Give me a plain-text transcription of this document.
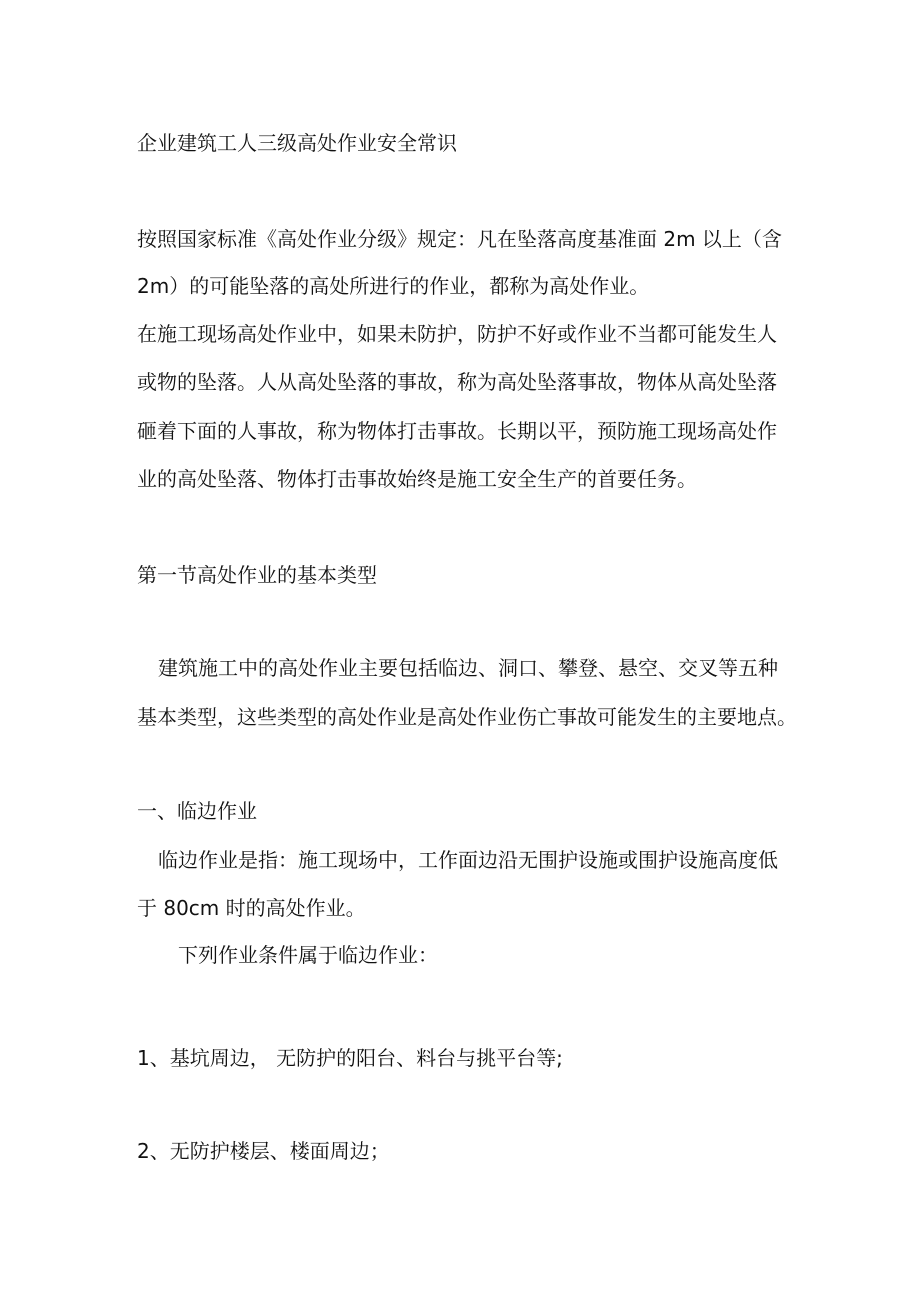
企业建筑工人三级高处作业安全常识
按照国家标准《高处作业分级》规定：凡在坠落高度基准面 2m 以上（含
2m）的可能坠落的高处所进行的作业，都称为高处作业。
在施工现场高处作业中，如果未防护，防护不好或作业不当都可能发生人
或物的坠落。人从高处坠落的事故，称为高处坠落事故，物体从高处坠落
砸着下面的人事故，称为物体打击事故。长期以平，预防施工现场高处作
业的高处坠落、物体打击事故始终是施工安全生产的首要任务。
第一节高处作业的基本类型
建筑施工中的高处作业主要包括临边、洞口、攀登、悬空、交叉等五种
基本类型，这些类型的高处作业是高处作业伤亡事故可能发生的主要地点。
一、临边作业
临边作业是指：施工现场中，工作面边沿无围护设施或围护设施高度低
于 80cm 时的高处作业。
下列作业条件属于临边作业：
1、基坑周边， 无防护的阳台、料台与挑平台等;
2、无防护楼层、楼面周边；
